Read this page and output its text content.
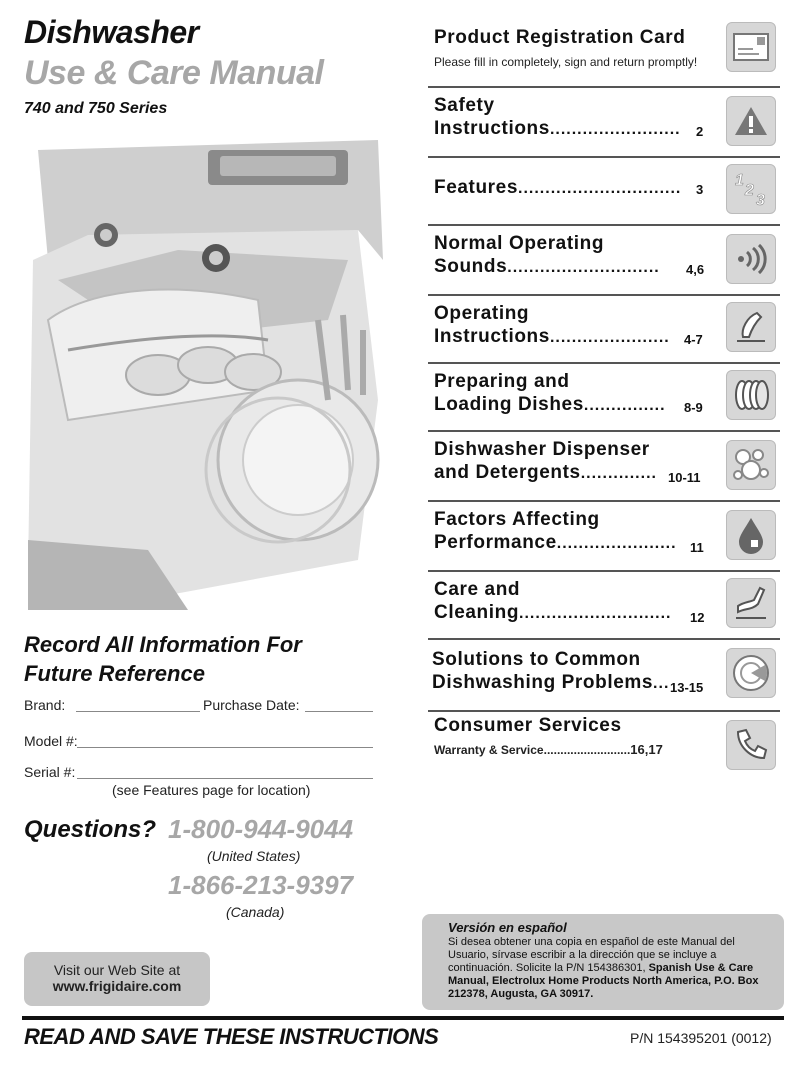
Dishwasher
Use & Care Manual
740 and 750 Series
Record All Information For
Future Reference
Brand:	Purchase Date:
Model #:
Serial #:
(see Features page for location)
Questions? 1-800-944-9044
(United States)
1-866-213-9397
(Canada)
Visit our Web Site at
www.frigidaire.com
Product Registration Card
Please fill in completely, sign and return promptly!
Safety
Instructions........................ 2
Features.............................. 3
1
2
3
Normal Operating
Sounds............................ 4,6
Operating
Instructions...................... 4-7
Preparing and
Loading Dishes............... 8-9
Dishwasher Dispenser
and Detergents.............. 10-11
Factors Affecting
Performance...................... 11
Care and
Cleaning............................ 12
Solutions to Common
Dishwashing Problems... 13-15
Consumer Services
Warranty & Service..........................16,17
Versión en español
Si desea obtener una copia en español de este Manual del Usuario, sírvase escribir a la dirección que se incluye a continuación. Solicite la P/N 154386301, Spanish Use & Care Manual, Electrolux Home Products North America, P.O. Box 212378, Augusta, GA 30917.
READ AND SAVE THESE INSTRUCTIONS	P/N 154395201 (0012)
